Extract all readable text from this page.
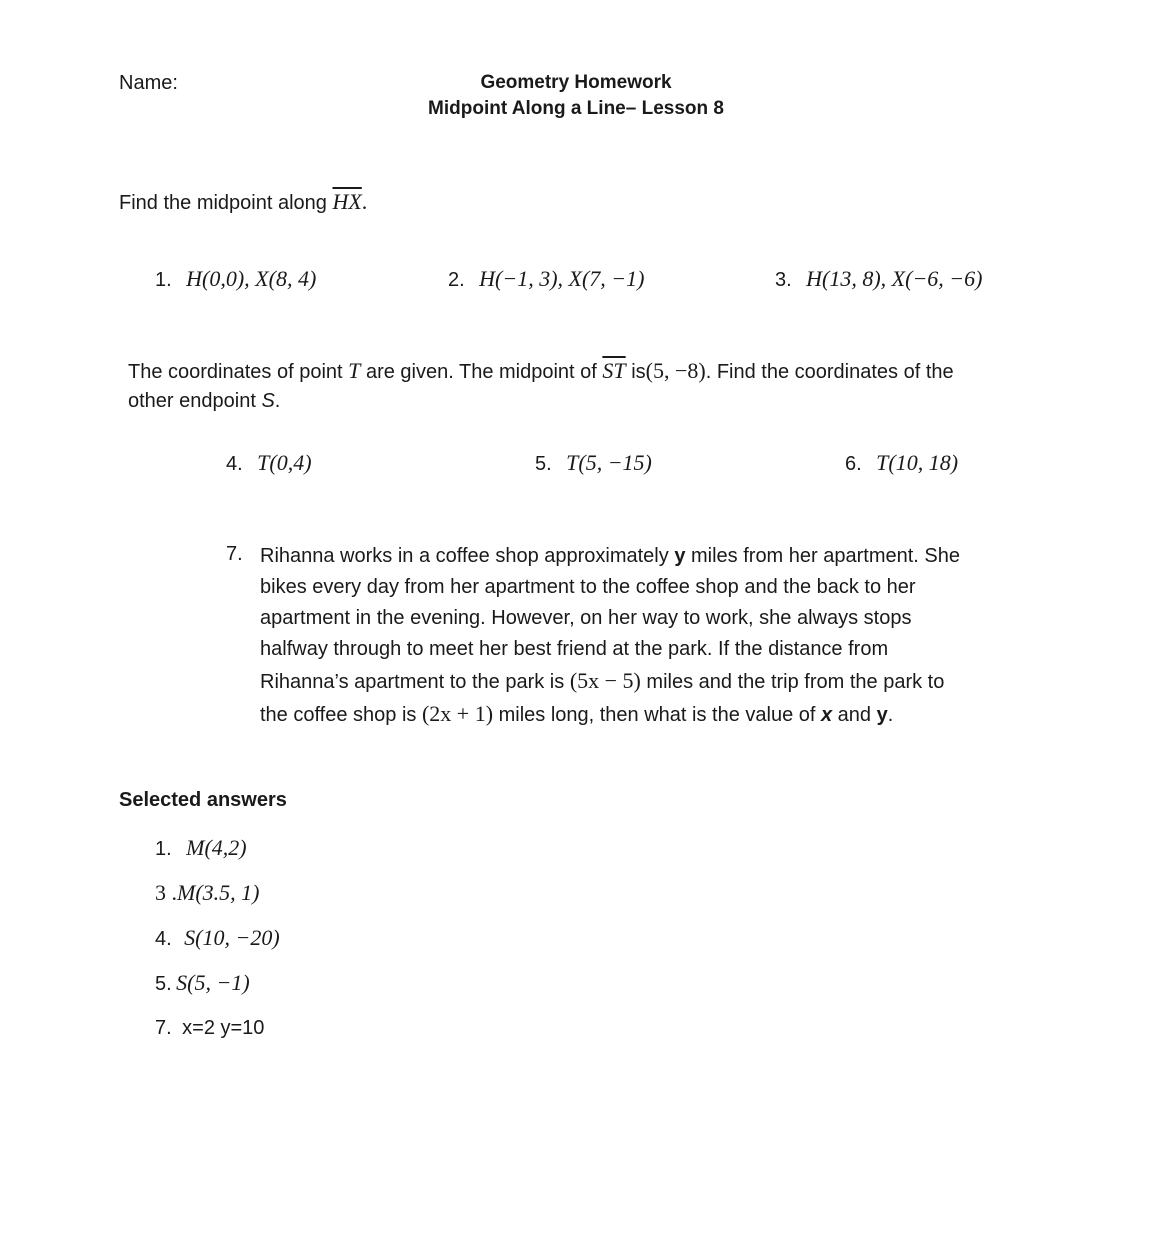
Name:	Geometry Homework
Midpoint Along a Line– Lesson 8
Find the midpoint along $\overline{HX}$.
1. H(0,0), X(8, 4)	2. H(−1, 3), X(7, −1)	3. H(13, 8), X(−6, −6)
The coordinates of point T are given. The midpoint of $\overline{ST}$ is(5, −8). Find the coordinates of the
other endpoint S.
4. T(0,4)	5. T(5, −15)	6. T(10, 18)
7. Rihanna works in a coffee shop approximately y miles from her apartment. She
bikes every day from her apartment to the coffee shop and the back to her
apartment in the evening. However, on her way to work, she always stops
halfway through to meet her best friend at the park. If the distance from
Rihanna’s apartment to the park is (5x − 5) miles and the trip from the park to
the coffee shop is (2x + 1) miles long, then what is the value of x and y.
Selected answers
1. M(4,2)
3 .M(3.5, 1)
4. S(10, −20)
5. S(5, −1)
7. x=2 y=10
